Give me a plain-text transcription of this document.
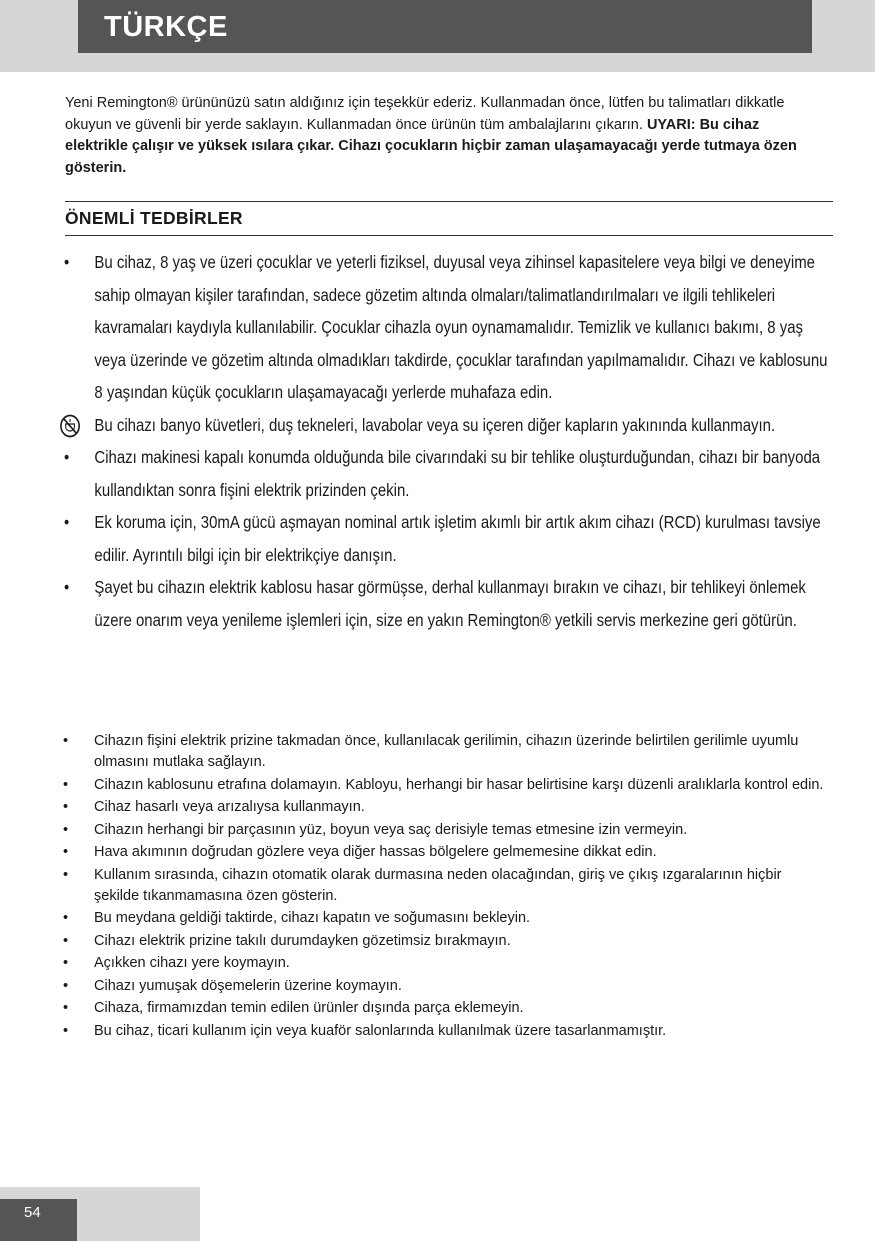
TÜRKÇE

Yeni Remington® ürününüzü satın aldığınız için teşekkür ederiz. Kullanmadan önce, lütfen bu talimatları dikkatle okuyun ve güvenli bir yerde saklayın. Kullanmadan önce ürünün tüm ambalajlarını çıkarın. UYARI: Bu cihaz elektrikle çalışır ve yüksek ısılara çıkar. Cihazı çocukların hiçbir zaman ulaşamayacağı yerde tutmaya özen gösterin.

ÖNEMLİ TEDBİRLER
• Bu cihaz, 8 yaş ve üzeri çocuklar ve yeterli fiziksel, duyusal veya zihinsel kapasitelere veya bilgi ve deneyime sahip olmayan kişiler tarafından, sadece gözetim altında olmaları/talimatlandırılmaları ve ilgili tehlikeleri kavramaları kaydıyla kullanılabilir. Çocuklar cihazla oyun oynamamalıdır. Temizlik ve kullanıcı bakımı, 8 yaş veya üzerinde ve gözetim altında olmadıkları takdirde, çocuklar tarafından yapılmamalıdır. Cihazı ve kablosunu 8 yaşından küçük çocukların ulaşamayacağı yerlerde muhafaza edin.
Bu cihazı banyo küvetleri, duş tekneleri, lavabolar veya su içeren diğer kapların yakınında kullanmayın.
• Cihazı makinesi kapalı konumda olduğunda bile civarındaki su bir tehlike oluşturduğundan, cihazı bir banyoda kullandıktan sonra fişini elektrik prizinden çekin.
• Ek koruma için, 30mA gücü aşmayan nominal artık işletim akımlı bir artık akım cihazı (RCD) kurulması tavsiye edilir. Ayrıntılı bilgi için bir elektrikçiye danışın.
• Şayet bu cihazın elektrik kablosu hasar görmüşse, derhal kullanmayı bırakın ve cihazı, bir tehlikeyi önlemek üzere onarım veya yenileme işlemleri için, size en yakın Remington® yetkili servis merkezine geri götürün.
• Cihazın fişini elektrik prizine takmadan önce, kullanılacak gerilimin, cihazın üzerinde belirtilen gerilimle uyumlu olmasını mutlaka sağlayın.
• Cihazın kablosunu etrafına dolamayın. Kabloyu, herhangi bir hasar belirtisine karşı düzenli aralıklarla kontrol edin.
• Cihaz hasarlı veya arızalıysa kullanmayın.
• Cihazın herhangi bir parçasının yüz, boyun veya saç derisiyle temas etmesine izin vermeyin.
• Hava akımının doğrudan gözlere veya diğer hassas bölgelere gelmemesine dikkat edin.
• Kullanım sırasında, cihazın otomatik olarak durmasına neden olacağından, giriş ve çıkış ızgaralarının hiçbir şekilde tıkanmamasına özen gösterin.
• Bu meydana geldiği taktirde, cihazı kapatın ve soğumasını bekleyin.
• Cihazı elektrik prizine takılı durumdayken gözetimsiz bırakmayın.
• Açıkken cihazı yere koymayın.
• Cihazı yumuşak döşemelerin üzerine koymayın.
• Cihaza, firmamızdan temin edilen ürünler dışında parça eklemeyin.
• Bu cihaz, ticari kullanım için veya kuaför salonlarında kullanılmak üzere tasarlanmamıştır.

54
